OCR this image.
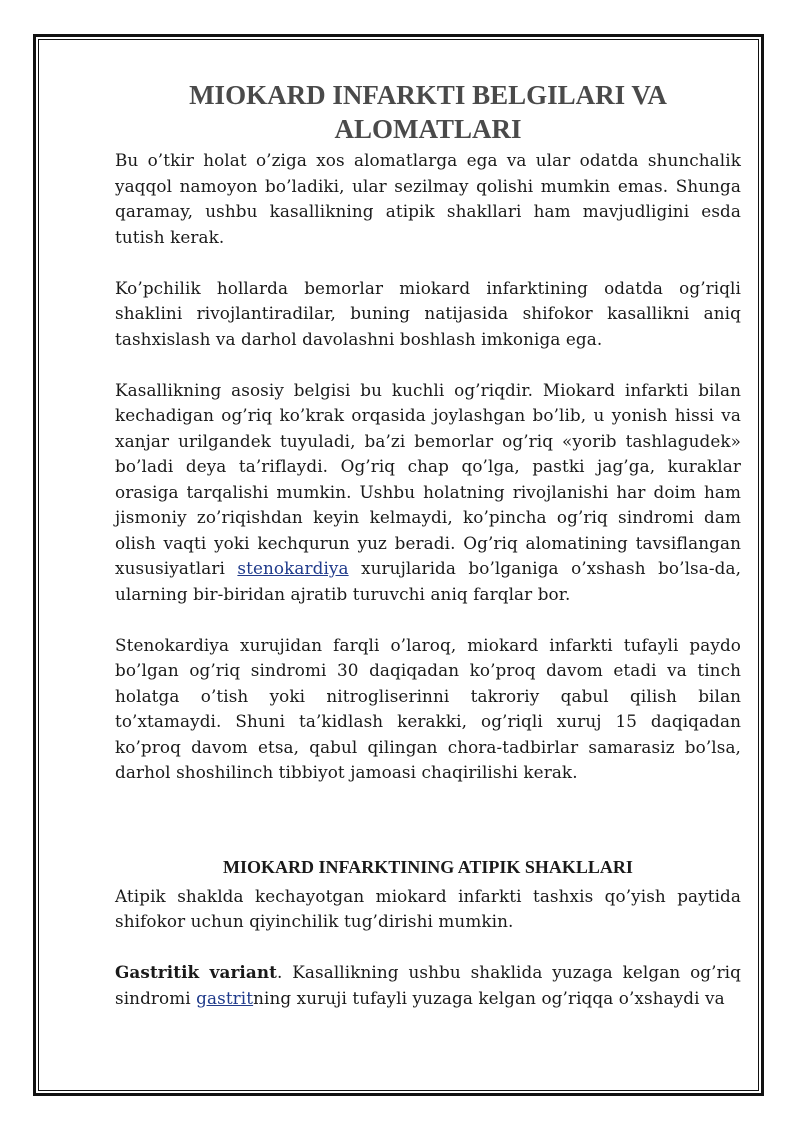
MIOKARD INFARKTI BELGILARI VA ALOMATLARI

Bu o’tkir holat o’ziga xos alomatlarga ega va ular odatda shunchalik yaqqol namoyon bo’ladiki, ular sezilmay qolishi mumkin emas. Shunga qaramay, ushbu kasallikning atipik shakllari ham mavjudligini esda tutish kerak.

Ko’pchilik hollarda bemorlar miokard infarktining odatda og’riqli shaklini rivojlantiradilar, buning natijasida shifokor kasallikni aniq tashxislash va darhol davolashni boshlash imkoniga ega.

Kasallikning asosiy belgisi bu kuchli og’riqdir. Miokard infarkti bilan kechadigan og’riq ko’krak orqasida joylashgan bo’lib, u yonish hissi va xanjar urilgandek tuyuladi, ba’zi bemorlar og’riq «yorib tashlagudek» bo’ladi deya ta’riflaydi. Og’riq chap qo’lga, pastki jag’ga, kuraklar orasiga tarqalishi mumkin. Ushbu holatning rivojlanishi har doim ham jismoniy zo’riqishdan keyin kelmaydi, ko’pincha og’riq sindromi dam olish vaqti yoki kechqurun yuz beradi. Og’riq alomatining tavsiflangan xususiyatlari stenokardiya xurujlarida bo’lganiga o’xshash bo’lsa-da, ularning bir-biridan ajratib turuvchi aniq farqlar bor.

Stenokardiya xurujidan farqli o’laroq, miokard infarkti tufayli paydo bo’lgan og’riq sindromi 30 daqiqadan ko’proq davom etadi va tinch holatga o’tish yoki nitrogliserinni takroriy qabul qilish bilan to’xtamaydi. Shuni ta’kidlash kerakki, og’riqli xuruj 15 daqiqadan ko’proq davom etsa, qabul qilingan chora-tadbirlar samarasiz bo’lsa, darhol shoshilinch tibbiyot jamoasi chaqirilishi kerak.

MIOKARD INFARKTINING ATIPIK SHAKLLARI

Atipik shaklda kechayotgan miokard infarkti tashxis qo’yish paytida shifokor uchun qiyinchilik tug’dirishi mumkin.

Gastritik variant. Kasallikning ushbu shaklida yuzaga kelgan og’riq sindromi gastritning xuruji tufayli yuzaga kelgan og’riqqa o’xshaydi va
